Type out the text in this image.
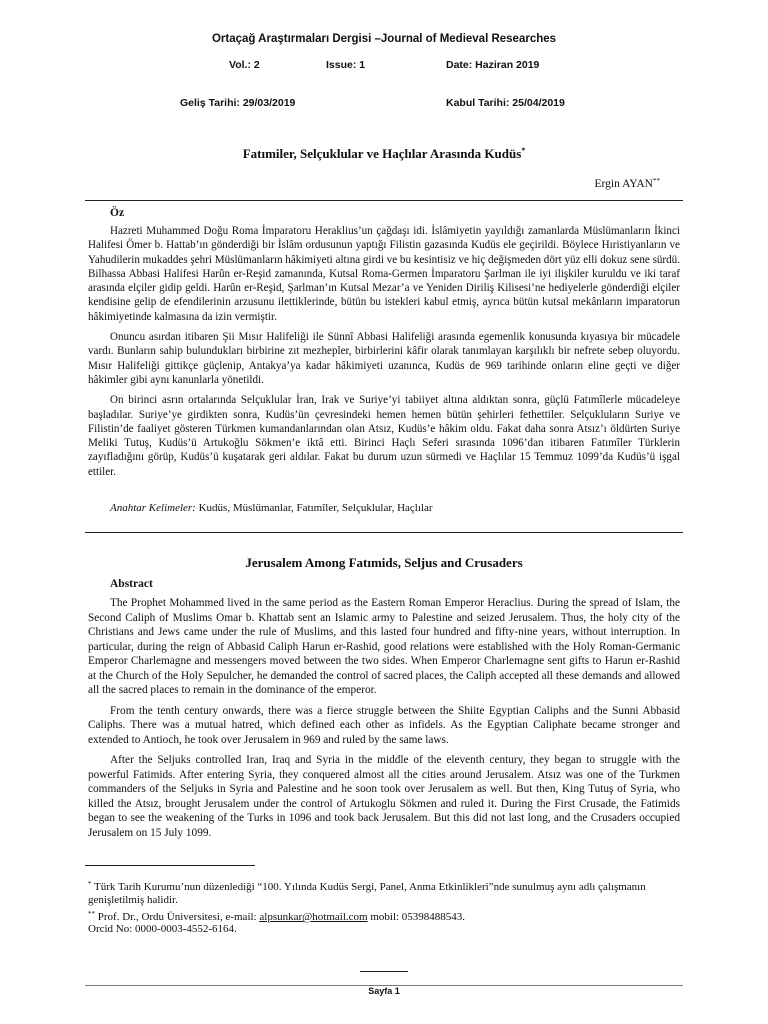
Ortaçağ Araştırmaları Dergisi –Journal of Medieval Researches
Vol.: 2	Issue: 1	Date: Haziran 2019
Geliş Tarihi: 29/03/2019	Kabul Tarihi: 25/04/2019
Fatımiler, Selçuklular ve Haçlılar Arasında Kudüs*
Ergin AYAN**
Öz

Hazreti Muhammed Doğu Roma İmparatoru Heraklius’un çağdaşı idi. İslâmiyetin yayıldığı zamanlarda Müslümanların İkinci Halifesi Ömer b. Hattab’ın gönderdiği bir İslâm ordusunun yaptığı Filistin gazasında Kudüs ele geçirildi. Böylece Hıristiyanların ve Yahudilerin mukaddes şehri Müslümanların hâkimiyeti altına girdi ve bu kesintisiz ve hiç değişmeden dört yüz elli dokuz sene sürdü. Bilhassa Abbasi Halifesi Harûn er-Reşid zamanında, Kutsal Roma-Germen İmparatoru Şarlman ile iyi ilişkiler kuruldu ve iki taraf arasında elçiler gidip geldi. Harûn er-Reşid, Şarlman’ın Kutsal Mezar’a ve Yeniden Diriliş Kilisesi’ne hediyelerle gönderdiği elçiler kendisine gelip de efendilerinin arzusunu ilettiklerinde, bütün bu istekleri kabul etmiş, ayrıca bütün kutsal mekânların imparatorun hâkimiyetinde kalmasına da izin vermiştir.

Onuncu asırdan itibaren Şii Mısır Halifeliği ile Sünnî Abbasi Halifeliği arasında egemenlik konusunda kıyasıya bir mücadele vardı. Bunların sahip bulundukları birbirine zıt mezhepler, birbirlerini kâfir olarak tanımlayan karşılıklı bir nefrete sebep oluyordu. Mısır Halifeliği gittikçe güçlenip, Antakya’ya kadar hâkimiyeti uzanınca, Kudüs de 969 tarihinde onların eline geçti ve diğer hâkimler gibi aynı kanunlarla yönetildi.

On birinci asrın ortalarında Selçuklular İran, Irak ve Suriye’yi tabiiyet altına aldıktan sonra, güçlü Fatımîlerle mücadeleye başladılar. Suriye’ye girdikten sonra, Kudüs’ün çevresindeki hemen hemen bütün şehirleri fethettiler. Selçukluların Suriye ve Filistin’de faaliyet gösteren Türkmen kumandanlarından olan Atsız, Kudüs’e hâkim oldu. Fakat daha sonra Atsız’ı öldürten Suriye Meliki Tutuş, Kudüs’ü Artukoğlu Sökmen’e iktâ etti. Birinci Haçlı Seferi sırasında 1096’dan itibaren Fatımîler Türklerin zayıfladığını görüp, Kudüs’ü kuşatarak geri aldılar. Fakat bu durum uzun sürmedi ve Haçlılar 15 Temmuz 1099’da Kudüs’ü işgal ettiler.

Anahtar Kelimeler: Kudüs, Müslümanlar, Fatımîler, Selçuklular, Haçlılar
Jerusalem Among Fatımids, Seljus and Crusaders
Abstract

The Prophet Mohammed lived in the same period as the Eastern Roman Emperor Heraclius. During the spread of Islam, the Second Caliph of Muslims Omar b. Khattab sent an Islamic army to Palestine and seized Jerusalem. Thus, the holy city of the Christians and Jews came under the rule of Muslims, and this lasted four hundred and fifty-nine years, without interruption. In particular, during the reign of Abbasid Caliph Harun er-Rashid, good relations were established with the Holy Roman-Germanic Emperor Charlemagne and messengers moved between the two sides. When Emperor Charlemagne sent gifts to Harun er-Rashid at the Church of the Holy Sepulcher, he demanded the control of sacred places, the Caliph accepted all these demands and allowed all the sacred places to remain in the dominance of the emperor.

From the tenth century onwards, there was a fierce struggle between the Shiite Egyptian Caliphs and the Sunni Abbasid Caliphs. There was a mutual hatred, which defined each other as infidels. As the Egyptian Caliphate became stronger and extended to Antioch, he took over Jerusalem in 969 and ruled by the same laws.

After the Seljuks controlled Iran, Iraq and Syria in the middle of the eleventh century, they began to struggle with the powerful Fatimids. After entering Syria, they conquered almost all the cities around Jerusalem. Atsız was one of the Turkmen commanders of the Seljuks in Syria and Palestine and he soon took over Jerusalem as well. But then, King Tutuş of Syria, who killed the Atsız, brought Jerusalem under the control of Artukoglu Sökmen and ruled it. During the First Crusade, the Fatimids began to see the weakening of the Turks in 1096 and took back Jerusalem. But this did not last long, and the Crusaders occupied Jerusalem on 15 July 1099.

* Türk Tarih Kurumu’nun düzenlediği “100. Yılında Kudüs Sergi, Panel, Anma Etkinlikleri”nde sunulmuş aynı adlı çalışmanın genişletilmiş halidir.
** Prof. Dr., Ordu Üniversitesi, e-mail: alpsunkar@hotmail.com mobil: 05398488543.
Orcid No: 0000-0003-4552-6164.
Sayfa 1
